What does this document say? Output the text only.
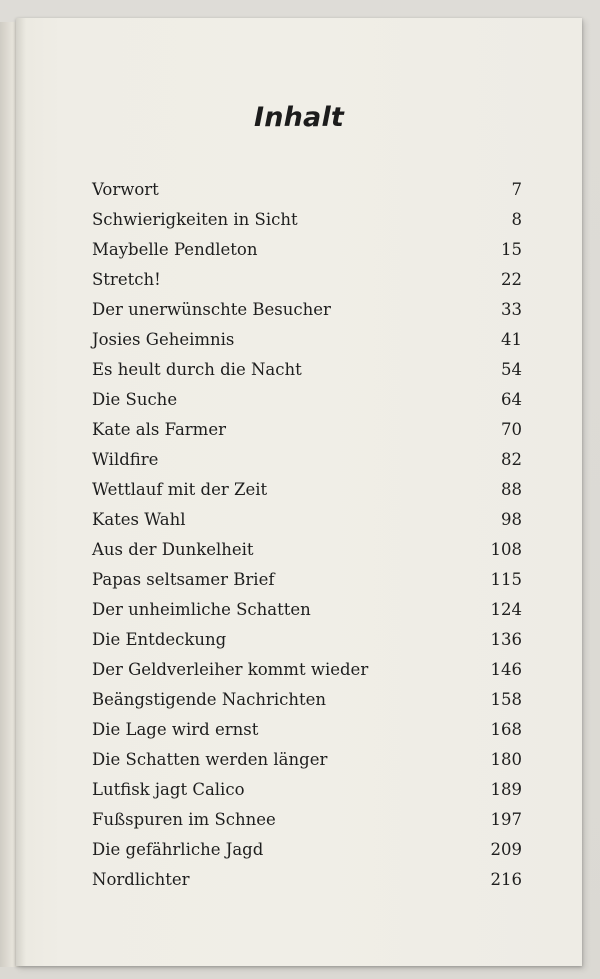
Inhalt
Vorwort	7
Schwierigkeiten in Sicht	8
Maybelle Pendleton	15
Stretch!	22
Der unerwünschte Besucher	33
Josies Geheimnis	41
Es heult durch die Nacht	54
Die Suche	64
Kate als Farmer	70
Wildfire	82
Wettlauf mit der Zeit	88
Kates Wahl	98
Aus der Dunkelheit	108
Papas seltsamer Brief	115
Der unheimliche Schatten	124
Die Entdeckung	136
Der Geldverleiher kommt wieder	146
Beängstigende Nachrichten	158
Die Lage wird ernst	168
Die Schatten werden länger	180
Lutfisk jagt Calico	189
Fußspuren im Schnee	197
Die gefährliche Jagd	209
Nordlichter	216
